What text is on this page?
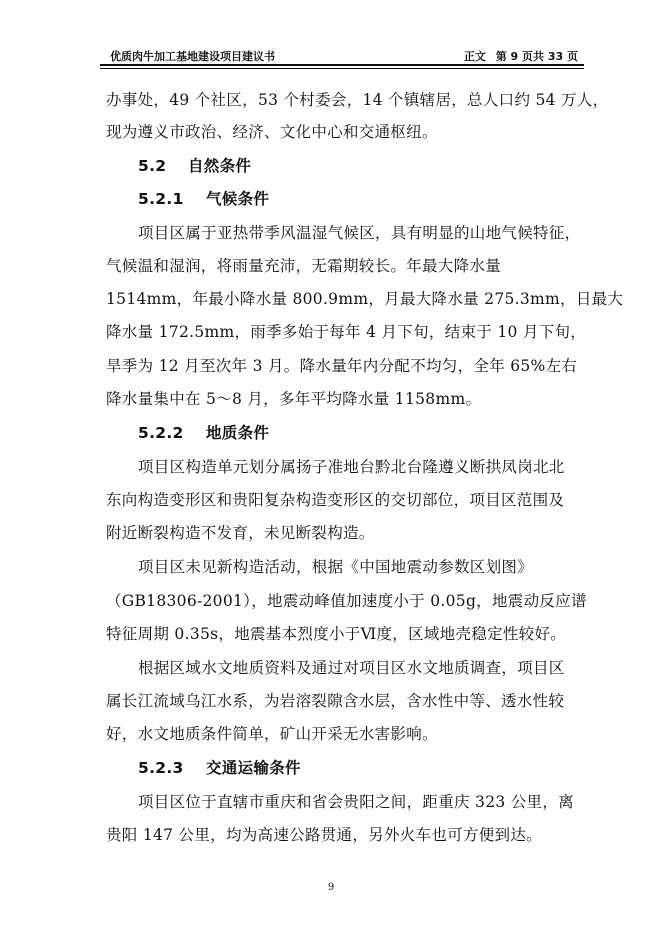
优质肉牛加工基地建设项目建议书	正文 第 9 页共 33 页
办事处，49 个社区，53 个村委会，14 个镇辖居，总人口约 54 万人，
现为遵义市政治、经济、文化中心和交通枢纽。
5.2 自然条件
5.2.1 气候条件
项目区属于亚热带季风温湿气候区，具有明显的山地气候特征，
气候温和湿润，将雨量充沛，无霜期较长。年最大降水量
1514mm，年最小降水量 800.9mm，月最大降水量 275.3mm，日最大
降水量 172.5mm，雨季多始于每年 4 月下旬，结束于 10 月下旬，
旱季为 12 月至次年 3 月。降水量年内分配不均匀，全年 65%左右
降水量集中在 5～8 月，多年平均降水量 1158mm。
5.2.2 地质条件
项目区构造单元划分属扬子准地台黔北台隆遵义断拱凤岗北北
东向构造变形区和贵阳复杂构造变形区的交切部位，项目区范围及
附近断裂构造不发育，未见断裂构造。
项目区未见新构造活动，根据《中国地震动参数区划图》
（GB18306-2001），地震动峰值加速度小于 0.05g，地震动反应谱
特征周期 0.35s，地震基本烈度小于Ⅵ度，区域地壳稳定性较好。
根据区域水文地质资料及通过对项目区水文地质调查，项目区
属长江流域乌江水系，为岩溶裂隙含水层，含水性中等、透水性较
好，水文地质条件简单，矿山开采无水害影响。
5.2.3 交通运输条件
项目区位于直辖市重庆和省会贵阳之间，距重庆 323 公里，离
贵阳 147 公里，均为高速公路贯通，另外火车也可方便到达。
9
